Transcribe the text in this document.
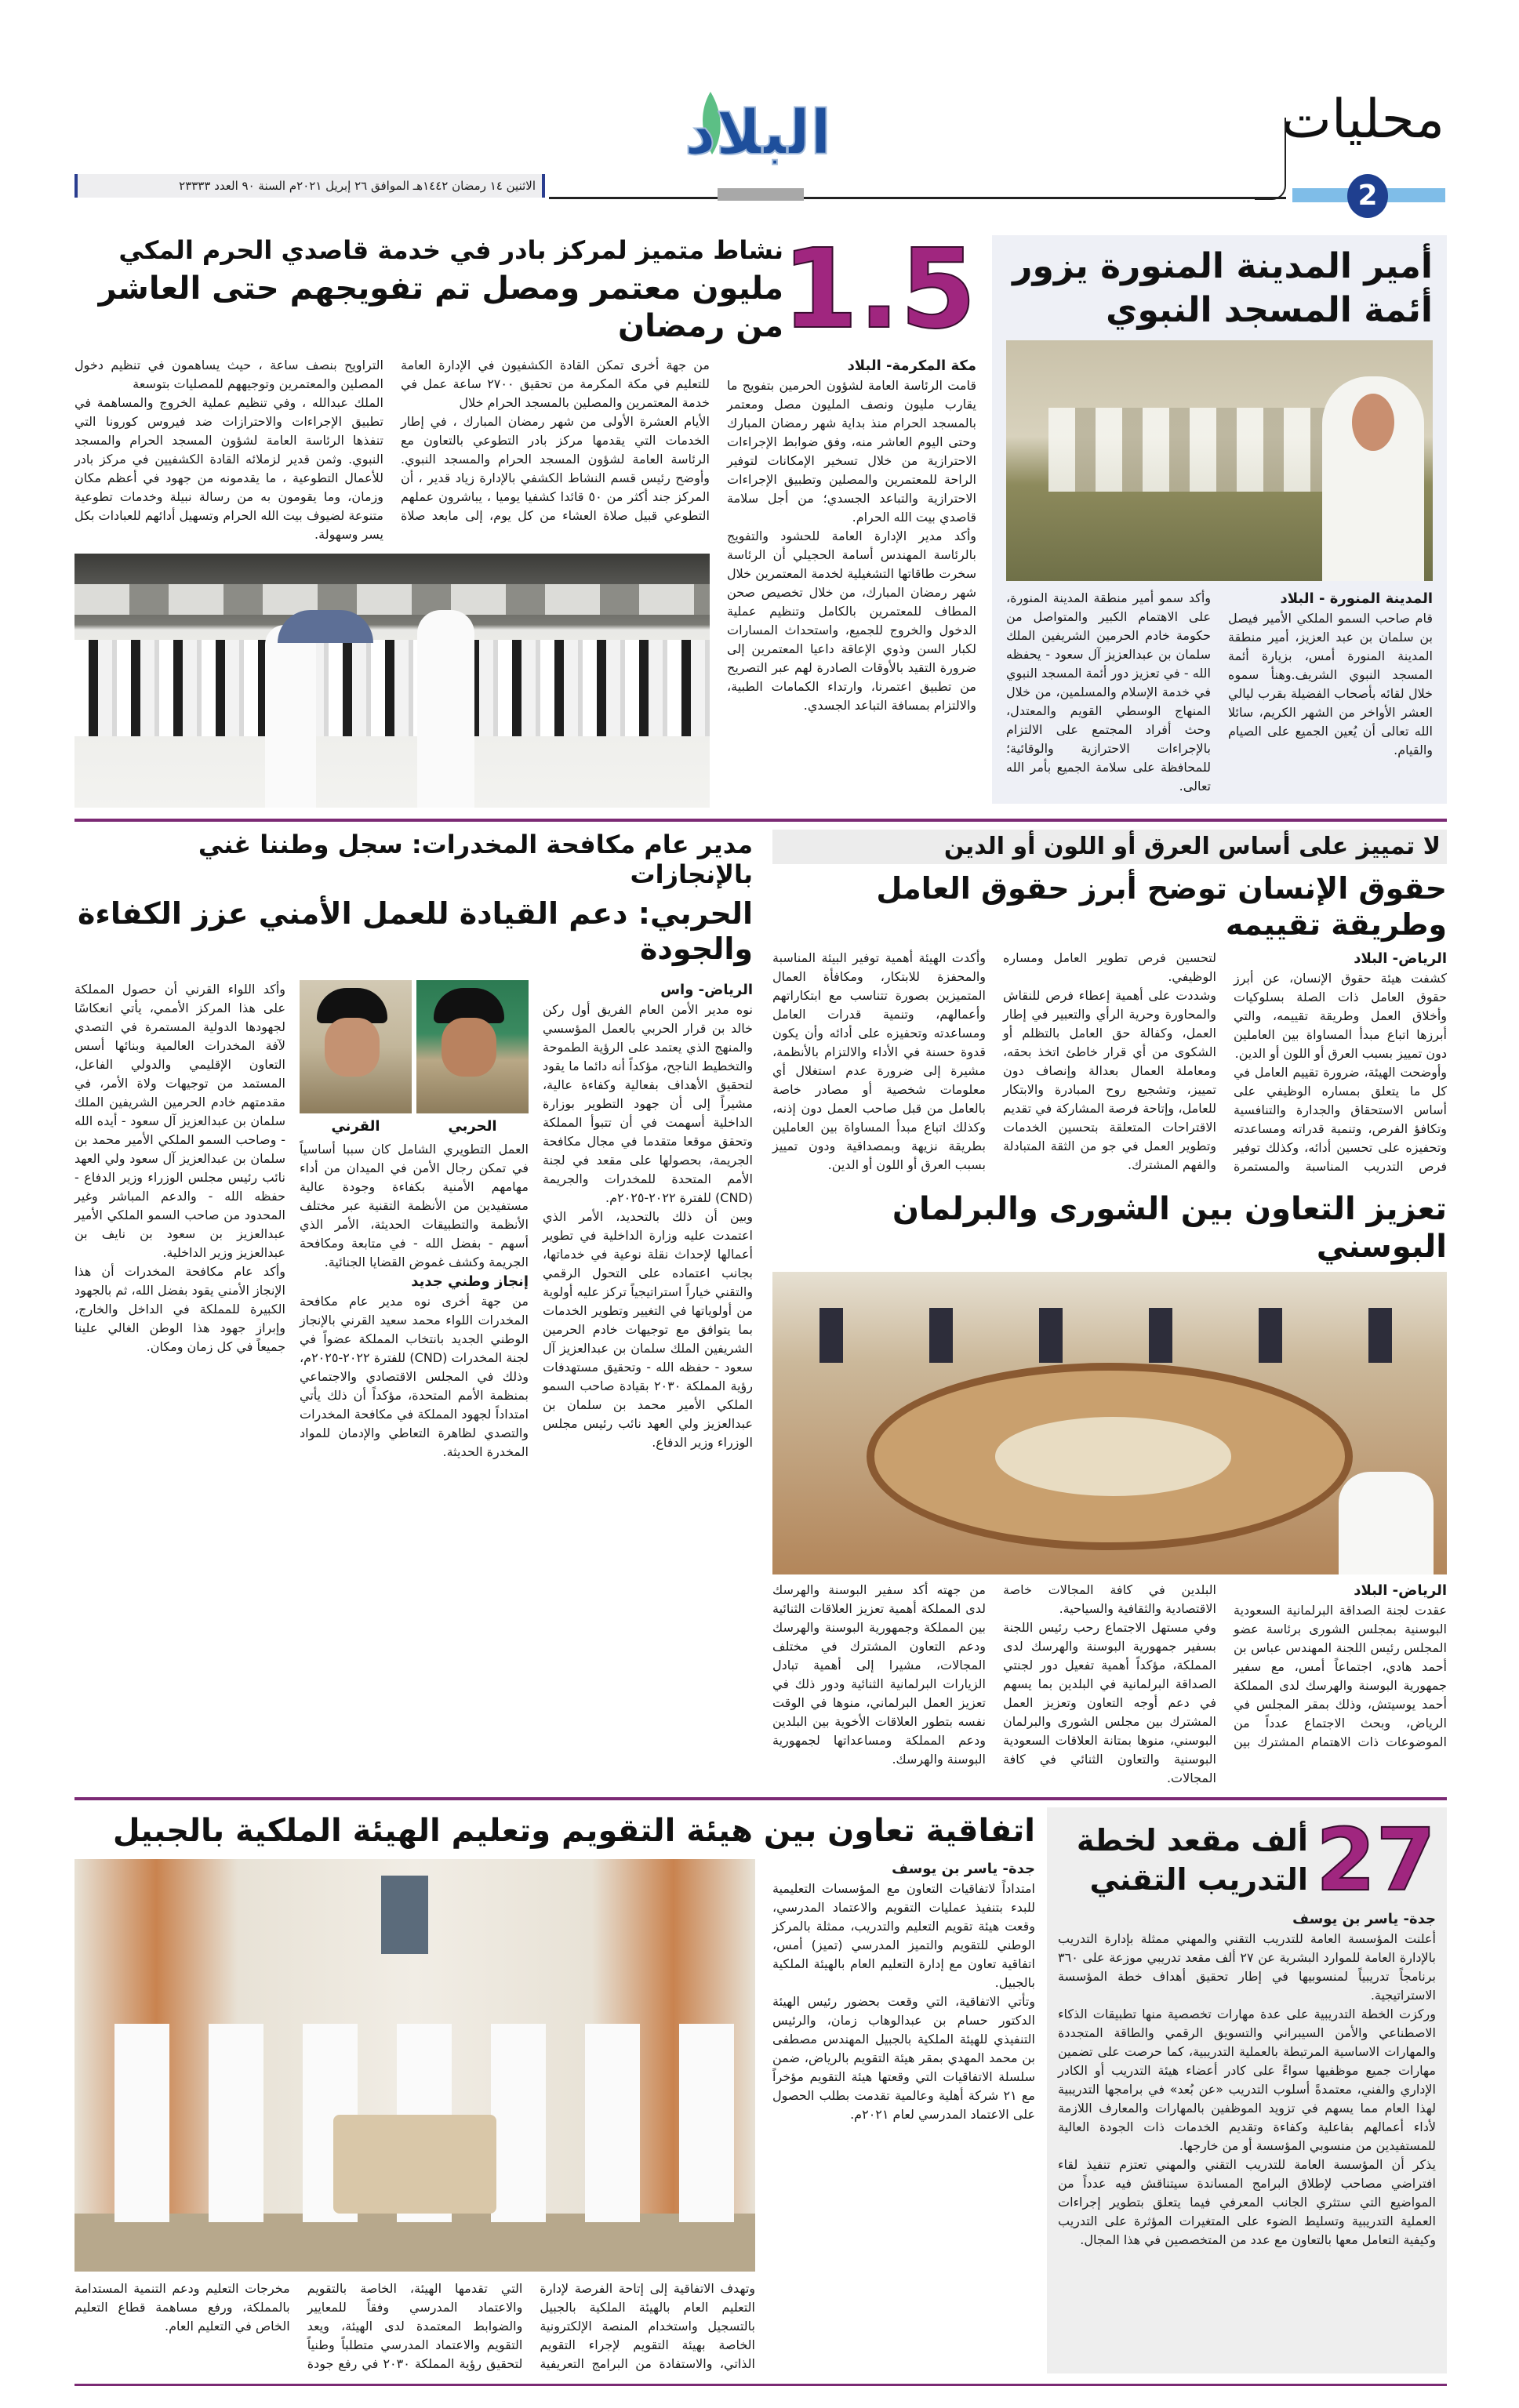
محليات
2
البلاد
الاثنين ١٤ رمضان ١٤٤٢هـ الموافق ٢٦ إبريل ٢٠٢١م السنة ٩٠ العدد ٢٣٣٣٣
أمير المدينة المنورة يزور أئمة المسجد النبوي

المدينة المنورة - البلاد

قام صاحب السمو الملكي الأمير فيصل بن سلمان بن عبد العزيز، أمير منطقة المدينة المنورة أمس، بزيارة أئمة المسجد النبوي الشريف.وهنأ سموه خلال لقائه بأصحاب الفضيلة بقرب ليالي العشر الأواخر من الشهر الكريم، سائلا الله تعالى أن يُعين الجميع على الصيام والقيام.

وأكد سمو أمير منطقة المدينة المنورة، على الاهتمام الكبير والمتواصل من حكومة خادم الحرمين الشريفين الملك سلمان بن عبدالعزيز آل سعود - يحفظه الله - في تعزيز دور أئمة المسجد النبوي في خدمة الإسلام والمسلمين، من خلال المنهاج الوسطي القويم والمعتدل، وحث أفراد المجتمع على الالتزام بالإجراءات الاحترازية والوقائية؛ للمحافظة على سلامة الجميع بأمر الله تعالى.

1.5
نشاط متميز لمركز بادر في خدمة قاصدي الحرم المكي
مليون معتمر ومصل تم تفويجهم حتى العاشر من رمضان

مكة المكرمة- البلاد

قامت الرئاسة العامة لشؤون الحرمين بتفويج ما يقارب مليون ونصف المليون مصل ومعتمر بالمسجد الحرام منذ بداية شهر رمضان المبارك وحتى اليوم العاشر منه، وفق ضوابط الإجراءات الاحترازية من خلال تسخير الإمكانات لتوفير الراحة للمعتمرين والمصلين وتطبيق الإجراءات الاحترازية والتباعد الجسدي؛ من أجل سلامة قاصدي بيت الله الحرام.

وأكد مدير الإدارة العامة للحشود والتفويج بالرئاسة المهندس أسامة الحجيلي أن الرئاسة سخرت طاقاتها التشغيلية لخدمة المعتمرين خلال شهر رمضان المبارك، من خلال تخصيص صحن المطاف للمعتمرين بالكامل وتنظيم عملية الدخول والخروج للجميع، واستحداث المسارات لكبار السن وذوي الإعاقة داعيا المعتمرين إلى ضرورة التقيد بالأوقات الصادرة لهم عبر التصريح من تطبيق اعتمرنا، وارتداء الكمامات الطبية، والالتزام بمسافة التباعد الجسدي.

من جهة أخرى تمكن القادة الكشفيون في الإدارة العامة للتعليم في مكة المكرمة من تحقيق ٢٧٠٠ ساعة عمل في خدمة المعتمرين والمصلين بالمسجد الحرام خلال

الأيام العشرة الأولى من شهر رمضان المبارك ، في إطار الخدمات التي يقدمها مركز بادر التطوعي بالتعاون مع الرئاسة العامة لشؤون المسجد الحرام والمسجد النبوي. وأوضح رئيس قسم النشاط الكشفي بالإدارة زياد قدير ، أن المركز جند أكثر من ٥٠ قائدا كشفيا يوميا ، يباشرون عملهم التطوعي قبيل صلاة العشاء من كل يوم، إلى مابعد صلاة التراويح بنصف ساعة ، حيث يساهمون في تنظيم دخول المصلين والمعتمرين وتوجيههم للمصليات بتوسعة

الملك عبدالله ، وفي تنظيم عملية الخروج والمساهمة في تطبيق الإجراءات والاحترازات ضد فيروس كورونا التي تنفذها الرئاسة العامة لشؤون المسجد الحرام والمسجد النبوي. وثمن قدير لزملائه القادة الكشفيين في مركز بادر للأعمال التطوعية ، ما يقدمونه من جهود في أعظم مكان وزمان، وما يقومون به من رسالة نبيلة وخدمات تطوعية متنوعة لضيوف بيت الله الحرام وتسهيل أدائهم للعبادات بكل يسر وسهولة.

لا تمييز على أساس العرق أو اللون أو الدين
حقوق الإنسان توضح أبرز حقوق العامل وطريقة تقييمه

الرياض- البلاد

كشفت هيئة حقوق الإنسان، عن أبرز حقوق العامل ذات الصلة بسلوكيات وأخلاق العمل وطريقة تقييمه، والتي أبرزها اتباع مبدأ المساواة بين العاملين دون تمييز بسبب العرق أو اللون أو الدين.

وأوضحت الهيئة، ضرورة تقييم العامل في كل ما يتعلق بمساره الوظيفي على أساس الاستحقاق والجدارة والتنافسية وتكافؤ الفرص، وتنمية قدراته ومساعدته وتحفيزه على تحسين أدائه، وكذلك توفير فرص التدريب المناسبة والمستمرة لتحسين فرص تطوير العامل ومساره الوظيفي.

وشددت على أهمية إعطاء فرص للنقاش والمحاورة وحرية الرأي والتعبير في إطار العمل، وكفالة حق العامل بالتظلم أو الشكوى من أي قرار خاطئ اتخذ بحقه، ومعاملة العمال بعدالة وإنصاف دون تمييز، وتشجيع روح المبادرة والابتكار للعامل، وإتاحة فرصة المشاركة في تقديم الاقتراحات المتعلقة بتحسين الخدمات وتطوير العمل في جو من الثقة المتبادلة والفهم المشترك.

وأكدت الهيئة أهمية توفير البيئة المناسبة والمحفزة للابتكار، ومكافأة العمال المتميزين بصورة تتناسب مع ابتكاراتهم وأعمالهم، وتنمية قدرات العامل ومساعدته وتحفيزه على أدائه وأن يكون قدوة حسنة في الأداء والالتزام بالأنظمة، مشيرة إلى ضرورة عدم استغلال أي معلومات شخصية أو مصادر خاصة بالعامل من قبل صاحب العمل دون إذنه، وكذلك اتباع مبدأ المساواة بين العاملين بطريقة نزيهة وبمصداقية ودون تمييز بسبب العرق أو اللون أو الدين.

تعزيز التعاون بين الشورى والبرلمان البوسني

الرياض- البلاد

عقدت لجنة الصداقة البرلمانية السعودية البوسنية بمجلس الشورى برئاسة عضو المجلس رئيس اللجنة المهندس عباس بن أحمد هادي، اجتماعاً أمس، مع سفير جمهورية البوسنة والهرسك لدى المملكة أحمد يوسيتش، وذلك بمقر المجلس في الرياض، وبحث الاجتماع عدداً من الموضوعات ذات الاهتمام المشترك بين البلدين في كافة المجالات خاصة الاقتصادية والثقافية والسياحية.

وفي مستهل الاجتماع رحب رئيس اللجنة بسفير جمهورية البوسنة والهرسك لدى المملكة، مؤكداً أهمية تفعيل دور لجنتي الصداقة البرلمانية في البلدين بما يسهم في دعم أوجه التعاون وتعزيز العمل المشترك بين مجلس الشورى والبرلمان البوسني، منوها بمتانة العلاقات السعودية البوسنية والتعاون الثنائي في كافة المجالات.

من جهته أكد سفير البوسنة والهرسك لدى المملكة أهمية تعزيز العلاقات الثنائية بين المملكة وجمهورية البوسنة والهرسك ودعم التعاون المشترك في مختلف المجالات، مشيرا إلى أهمية تبادل الزيارات البرلمانية الثنائية ودور ذلك في تعزيز العمل البرلماني، منوها في الوقت نفسه بتطور العلاقات الأخوية بين البلدين ودعم المملكة ومساعداتها لجمهورية البوسنة والهرسك.

مدير عام مكافحة المخدرات: سجل وطننا غني بالإنجازات
الحربي: دعم القيادة للعمل الأمني عزز الكفاءة والجودة

الرياض- واس

نوه مدير الأمن العام الفريق أول ركن خالد بن قرار الحربي بالعمل المؤسسي والمنهج الذي يعتمد على الرؤية الطموحة والتخطيط الناجح، مؤكداً أنه دائما ما يقود لتحقيق الأهداف بفعالية وكفاءة عالية، مشيراً إلى أن جهود التطوير بوزارة الداخلية أسهمت في أن تتبوأ المملكة وتحقق موقعا متقدما في مجال مكافحة الجريمة، بحصولها على مقعد في لجنة الأمم المتحدة للمخدرات والجريمة (CND) للفترة ٢٠٢٢-٢٠٢٥م.

وبين أن ذلك بالتحديد، الأمر الذي اعتمدت عليه وزارة الداخلية في تطوير أعمالها لإحداث نقلة نوعية في خدماتها، بجانب اعتماده على التحول الرقمي والتقني خياراً استراتيجياً تركز عليه أولوية من أولوياتها في التغيير وتطوير الخدمات بما يتوافق مع توجيهات خادم الحرمين الشريفين الملك سلمان بن عبدالعزيز آل سعود - حفظه الله - وتحقيق مستهدفات رؤية المملكة ٢٠٣٠ بقيادة صاحب السمو الملكي الأمير محمد بن سلمان بن عبدالعزيز ولي العهد نائب رئيس مجلس الوزراء وزير الدفاع.

الحربي
القرني

العمل التطويري الشامل كان سببا أساسياً في تمكن رجال الأمن في الميدان من أداء مهامهم الأمنية بكفاءة وجودة عالية مستفيدين من الأنظمة التقنية عبر مختلف الأنظمة والتطبيقات الحديثة، الأمر الذي أسهم - بفضل الله - في متابعة ومكافحة الجريمة وكشف غموض القضايا الجنائية.

إنجاز وطني جديد

من جهة أخرى نوه مدير عام مكافحة المخدرات اللواء محمد سعيد القرني بالإنجاز الوطني الجديد بانتخاب المملكة عضواً في لجنة المخدرات (CND) للفترة ٢٠٢٢-٢٠٢٥م، وذلك في المجلس الاقتصادي والاجتماعي بمنظمة الأمم المتحدة، مؤكداً أن ذلك يأتي امتداداً لجهود المملكة في مكافحة المخدرات والتصدي لظاهرة التعاطي والإدمان للمواد المخدرة الحديثة.

وأكد اللواء القرني أن حصول المملكة على هذا المركز الأممي، يأتي انعكاسًا لجهودها الدولية المستمرة في التصدي لآفة المخدرات العالمية وبنائها أسس التعاون الإقليمي والدولي الفاعل، المستمد من توجيهات ولاة الأمر، في مقدمتهم خادم الحرمين الشريفين الملك سلمان بن عبدالعزيز آل سعود - أيده الله - وصاحب السمو الملكي الأمير محمد بن سلمان بن عبدالعزيز آل سعود ولي العهد نائب رئيس مجلس الوزراء وزير الدفاع - حفظه الله - والدعم المباشر وغير المحدود من صاحب السمو الملكي الأمير عبدالعزيز بن سعود بن نايف بن عبدالعزيز وزير الداخلية.

وأكد عام مكافحة المخدرات أن هذا الإنجاز الأمني يقود بفضل الله، ثم بالجهود الكبيرة للمملكة في الداخل والخارج، وإبراز جهود هذا الوطن الغالي علينا جميعاً في كل زمان ومكان.

27
ألف مقعد لخطة التدريب التقني

جدة- ياسر بن يوسف

أعلنت المؤسسة العامة للتدريب التقني والمهني ممثلة بإدارة التدريب بالإدارة العامة للموارد البشرية عن ٢٧ ألف مقعد تدريبي موزعة على ٣٦٠ برنامجاً تدريبياً لمنسوبيها في إطار تحقيق أهداف خطة المؤسسة الاستراتيجية.

وركزت الخطة التدريبية على عدة مهارات تخصصية منها تطبيقات الذكاء الاصطناعي والأمن السيبراني والتسويق الرقمي والطاقة المتجددة والمهارات الاساسية المرتبطة بالعملية التدريبية، كما حرصت على تضمين مهارات جميع موظفيها سواءً على كادر أعضاء هيئة التدريب أو الكادر الإداري والفني، معتمدةً أسلوب التدريب «عن بُعد» في برامجها التدريبية لهذا العام مما يسهم في تزويد الموظفين بالمهارات والمعارف اللازمة لأداء أعمالهم بفاعلية وكفاءة وتقديم الخدمات ذات الجودة العالية للمستفيدين من منسوبي المؤسسة أو من خارجها.

يذكر أن المؤسسة العامة للتدريب التقني والمهني تعتزم تنفيذ لقاء افتراضي مصاحب لإطلاق البرامج المساندة سيتناقش فيه عدداً من المواضيع التي ستثري الجانب المعرفي فيما يتعلق بتطوير إجراءات العملية التدريبية وتسليط الضوء على المتغيرات المؤثرة على التدريب وكيفية التعامل معها بالتعاون مع عدد من المتخصصين في هذا المجال.

اتفاقية تعاون بين هيئة التقويم وتعليم الهيئة الملكية بالجبيل

جدة- ياسر بن يوسف

امتداداً لاتفاقيات التعاون مع المؤسسات التعليمية للبدء بتنفيذ عمليات التقويم والاعتماد المدرسي، وقعت هيئة تقويم التعليم والتدريب، ممثلة بالمركز الوطني للتقويم والتميز المدرسي (تميز) أمس، اتفاقية تعاون مع إدارة التعليم العام بالهيئة الملكية بالجبيل.

وتأتي الاتفاقية، التي وقعت بحضور رئيس الهيئة الدكتور حسام بن عبدالوهاب زمان، والرئيس التنفيذي للهيئة الملكية بالجبيل المهندس مصطفى بن محمد المهدي بمقر هيئة التقويم بالرياض، ضمن سلسلة الاتفاقيات التي وقعتها هيئة التقويم مؤخراً مع ٢١ شركة أهلية وعالمية تقدمت بطلب الحصول على الاعتماد المدرسي لعام ٢٠٢١م.

وتهدف الاتفاقية إلى إتاحة الفرصة لإدارة التعليم العام بالهيئة الملكية بالجبيل بالتسجيل واستخدام المنصة الإلكترونية الخاصة بهيئة التقويم لإجراء التقويم الذاتي، والاستفادة من البرامج التعريفية التي تقدمها الهيئة، الخاصة بالتقويم والاعتماد المدرسي وفقاً للمعايير والضوابط المعتمدة لدى الهيئة، ويعد التقويم والاعتماد المدرسي متطلباً وطنياً لتحقيق رؤية المملكة ٢٠٣٠ في رفع جودة مخرجات التعليم ودعم التنمية المستدامة بالمملكة، ورفع مساهمة قطاع التعليم الخاص في التعليم العام.
